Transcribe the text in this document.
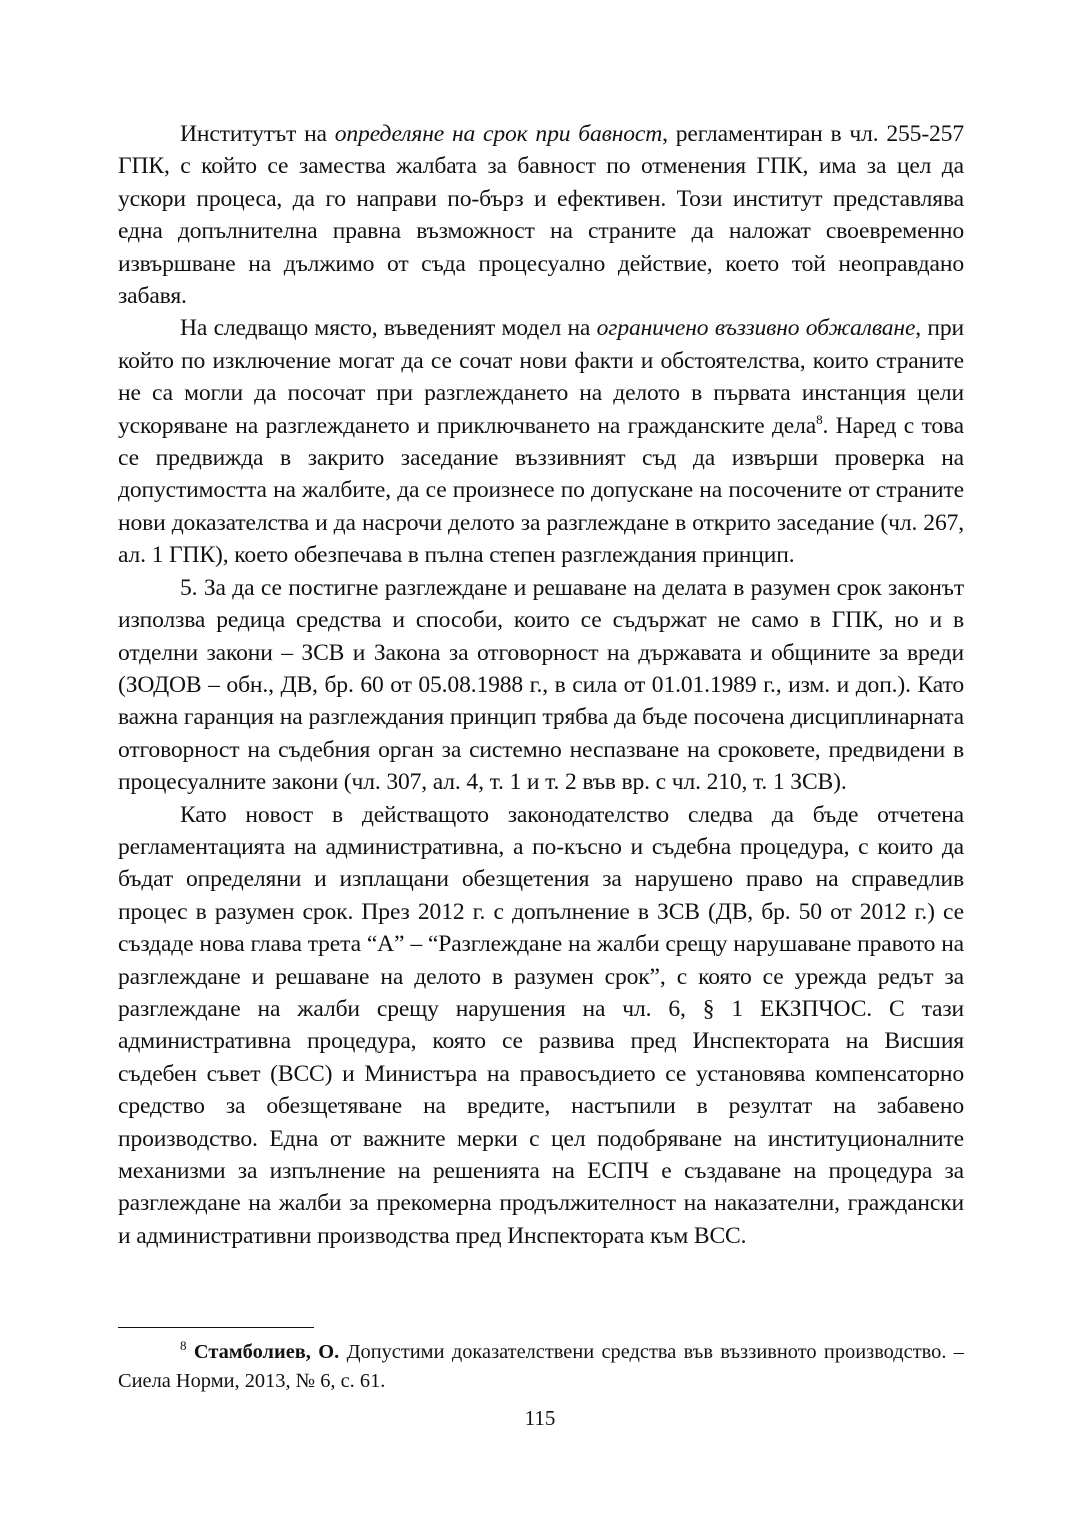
Институтът на определяне на срок при бавност, регламентиран в чл. 255-257 ГПК, с който се замества жалбата за бавност по отменения ГПК, има за цел да ускори процеса, да го направи по-бърз и ефективен. Този институт представлява една допълнителна правна възможност на страните да наложат своевременно извършване на дължимо от съда процесуално действие, което той неоправдано забавя.

На следващо място, въведеният модел на ограничено въззивно обжалване, при който по изключение могат да се сочат нови факти и обстоятелства, които страните не са могли да посочат при разглеждането на делото в първата инстанция цели ускоряване на разглеждането и приключването на гражданските дела$^8$. Наред с това се предвижда в закрито заседание въззивният съд да извърши проверка на допустимостта на жалбите, да се произнесе по допускане на посочените от страните нови доказателства и да насрочи делото за разглеждане в открито заседание (чл. 267, ал. 1 ГПК), което обезпечава в пълна степен разглеждания принцип.

5. За да се постигне разглеждане и решаване на делата в разумен срок законът използва редица средства и способи, които се съдържат не само в ГПК, но и в отделни закони – ЗСВ и Закона за отговорност на държавата и общините за вреди (ЗОДОВ – обн., ДВ, бр. 60 от 05.08.1988 г., в сила от 01.01.1989 г., изм. и доп.). Като важна гаранция на разглеждания принцип трябва да бъде посочена дисциплинарната отговорност на съдебния орган за системно неспазване на сроковете, предвидени в процесуалните закони (чл. 307, ал. 4, т. 1 и т. 2 във вр. с чл. 210, т. 1 ЗСВ).

Като новост в действащото законодателство следва да бъде отчетена регламентацията на административна, а по-късно и съдебна процедура, с които да бъдат определяни и изплащани обезщетения за нарушено право на справедлив процес в разумен срок. През 2012 г. с допълнение в ЗСВ (ДВ, бр. 50 от 2012 г.) се създаде нова глава трета “А” – “Разглеждане на жалби срещу нарушаване правото на разглеждане и решаване на делото в разумен срок”, с която се урежда редът за разглеждане на жалби срещу нарушения на чл. 6, § 1 ЕКЗПЧОС. С тази административна процедура, която се развива пред Инспектората на Висшия съдебен съвет (ВСС) и Министъра на правосъдието се установява компенсаторно средство за обезщетяване на вредите, настъпили в резултат на забавено производство. Една от важните мерки с цел подобряване на институционалните механизми за изпълнение на решенията на ЕСПЧ е създаване на процедура за разглеждане на жалби за прекомерна продължителност на наказателни, граждански и административни производства пред Инспектората към ВСС.

$^8$ Стамболиев, О. Допустими доказателствени средства във въззивното производство. – Сиела Норми, 2013, № 6, с. 61.

115
